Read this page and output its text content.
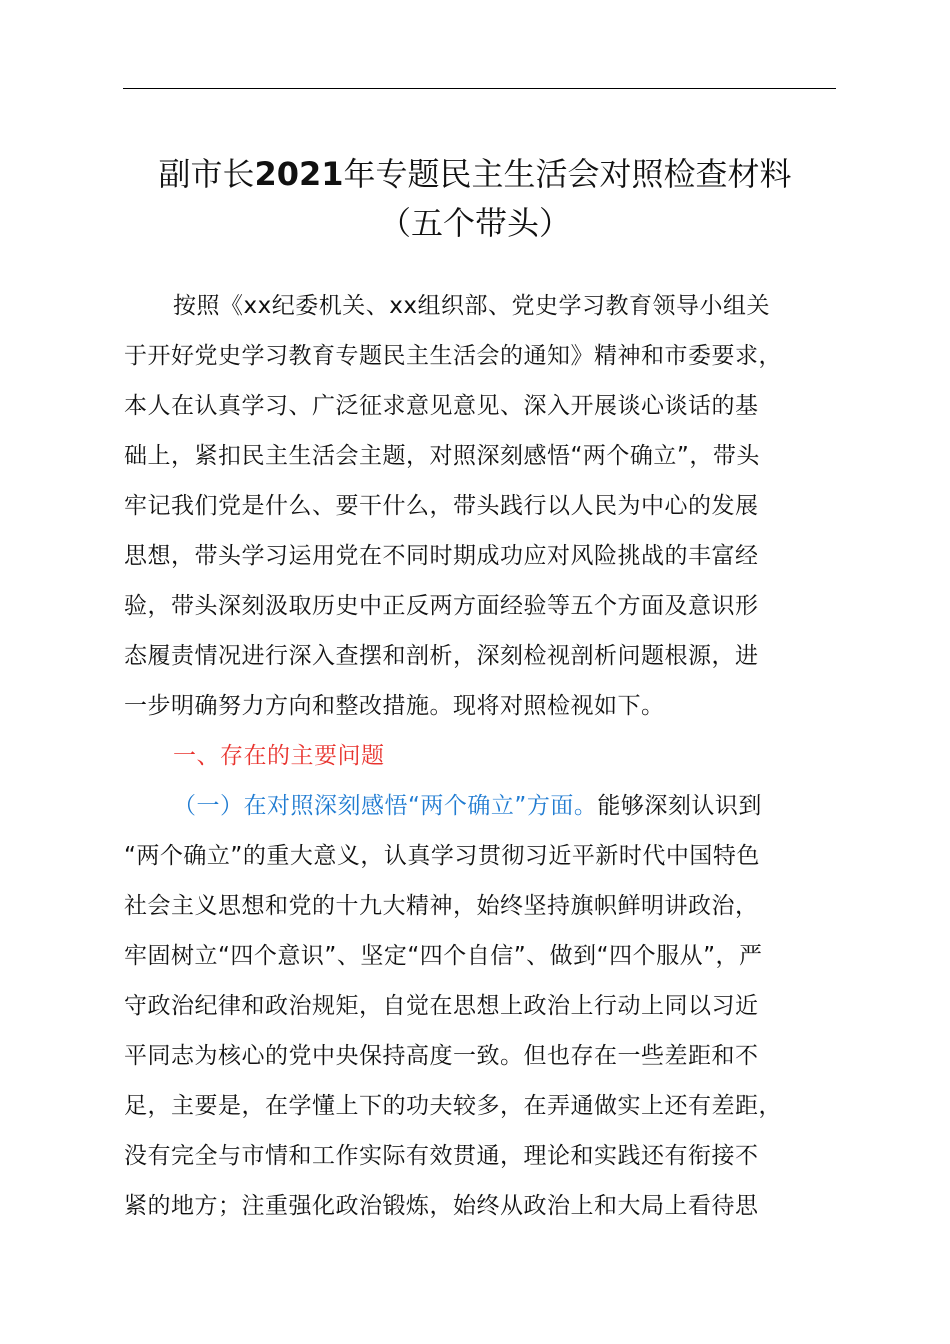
副市长2021年专题民主生活会对照检查材料
（五个带头）
按照《xx纪委机关、xx组织部、党史学习教育领导小组关
于开好党史学习教育专题民主生活会的通知》精神和市委要求，
本人在认真学习、广泛征求意见意见、深入开展谈心谈话的基
础上，紧扣民主生活会主题，对照深刻感悟“两个确立”，带头
牢记我们党是什么、要干什么，带头践行以人民为中心的发展
思想，带头学习运用党在不同时期成功应对风险挑战的丰富经
验，带头深刻汲取历史中正反两方面经验等五个方面及意识形
态履责情况进行深入查摆和剖析，深刻检视剖析问题根源，进
一步明确努力方向和整改措施。现将对照检视如下。
一、存在的主要问题
（一）在对照深刻感悟“两个确立”方面。能够深刻认识到
“两个确立”的重大意义，认真学习贯彻习近平新时代中国特色
社会主义思想和党的十九大精神，始终坚持旗帜鲜明讲政治，
牢固树立“四个意识”、坚定“四个自信”、做到“四个服从”，严
守政治纪律和政治规矩，自觉在思想上政治上行动上同以习近
平同志为核心的党中央保持高度一致。但也存在一些差距和不
足，主要是，在学懂上下的功夫较多，在弄通做实上还有差距，
没有完全与市情和工作实际有效贯通，理论和实践还有衔接不
紧的地方；注重强化政治锻炼，始终从政治上和大局上看待思
